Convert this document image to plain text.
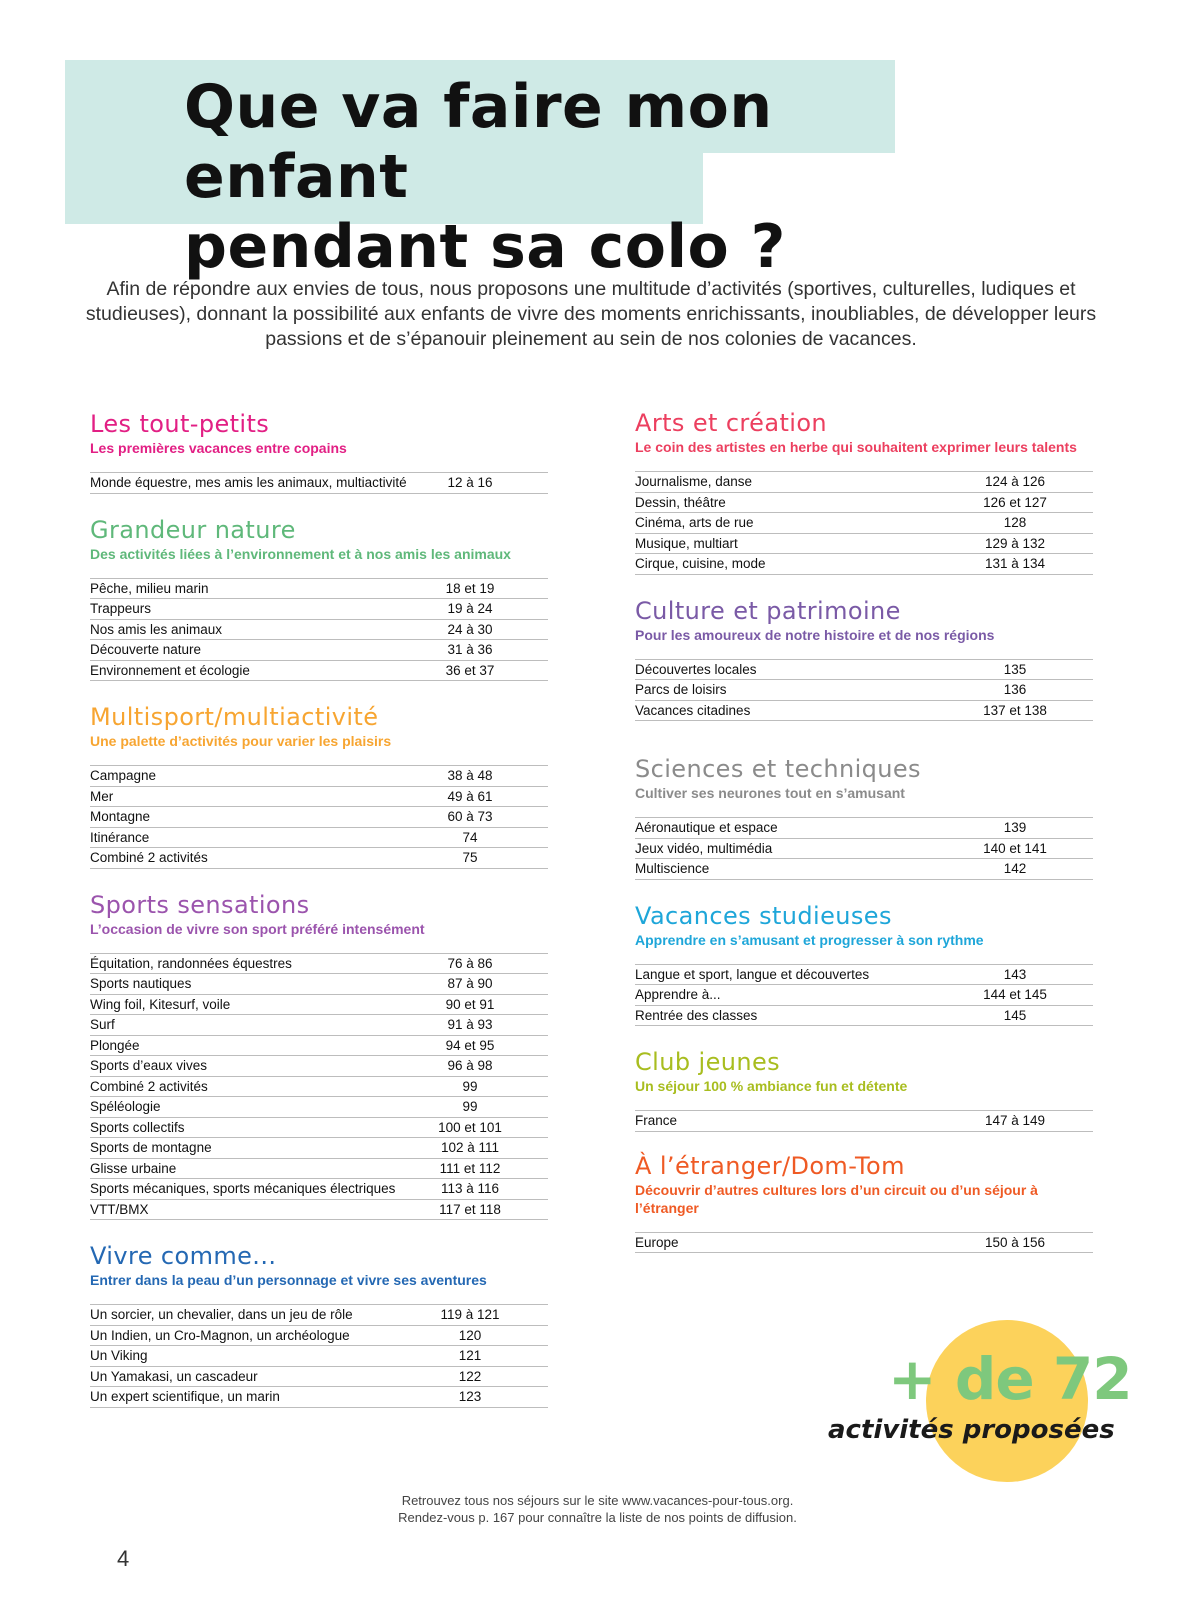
Que va faire mon enfant
pendant sa colo ?

Afin de répondre aux envies de tous, nous proposons une multitude d’activités (sportives, culturelles, ludiques et studieuses), donnant la possibilité aux enfants de vivre des moments enrichissants, inoubliables, de développer leurs passions et de s’épanouir pleinement au sein de nos colonies de vacances.

Les tout-petits
Les premières vacances entre copains
Monde équestre, mes amis les animaux, multiactivité	12 à 16
Grandeur nature
Des activités liées à l’environnement et à nos amis les animaux
Pêche, milieu marin	18 et 19
Trappeurs	19 à 24
Nos amis les animaux	24 à 30
Découverte nature	31 à 36
Environnement et écologie	36 et 37
Multisport/multiactivité
Une palette d’activités pour varier les plaisirs
Campagne	38 à 48
Mer	49 à 61
Montagne	60 à 73
Itinérance	74
Combiné 2 activités	75
Sports sensations
L’occasion de vivre son sport préféré intensément
Équitation, randonnées équestres	76 à 86
Sports nautiques	87 à 90
Wing foil, Kitesurf, voile	90 et 91
Surf	91 à 93
Plongée	94 et 95
Sports d’eaux vives	96 à 98
Combiné 2 activités	99
Spéléologie	99
Sports collectifs	100 et 101
Sports de montagne	102 à 111
Glisse urbaine	111 et 112
Sports mécaniques, sports mécaniques électriques	113 à 116
VTT/BMX	117 et 118
Vivre comme...
Entrer dans la peau d’un personnage et vivre ses aventures
Un sorcier, un chevalier, dans un jeu de rôle	119 à 121
Un Indien, un Cro-Magnon, un archéologue	120
Un Viking	121
Un Yamakasi, un cascadeur	122
Un expert scientifique, un marin	123
Arts et création
Le coin des artistes en herbe qui souhaitent exprimer leurs talents
Journalisme, danse	124 à 126
Dessin, théâtre	126 et 127
Cinéma, arts de rue	128
Musique, multiart	129 à 132
Cirque, cuisine, mode	131 à 134
Culture et patrimoine
Pour les amoureux de notre histoire et de nos régions
Découvertes locales	135
Parcs de loisirs	136
Vacances citadines	137 et 138
Sciences et techniques
Cultiver ses neurones tout en s’amusant
Aéronautique et espace	139
Jeux vidéo, multimédia	140 et 141
Multiscience	142
Vacances studieuses
Apprendre en s’amusant et progresser à son rythme
Langue et sport, langue et découvertes	143
Apprendre à...	144 et 145
Rentrée des classes	145
Club jeunes
Un séjour 100 % ambiance fun et détente
France	147 à 149
À l’étranger/Dom-Tom
Découvrir d’autres cultures lors d’un circuit ou d’un séjour à l’étranger
Europe	150 à 156
+ de 72
activités proposées
Retrouvez tous nos séjours sur le site www.vacances-pour-tous.org.
Rendez-vous p. 167 pour connaître la liste de nos points de diffusion.
4
